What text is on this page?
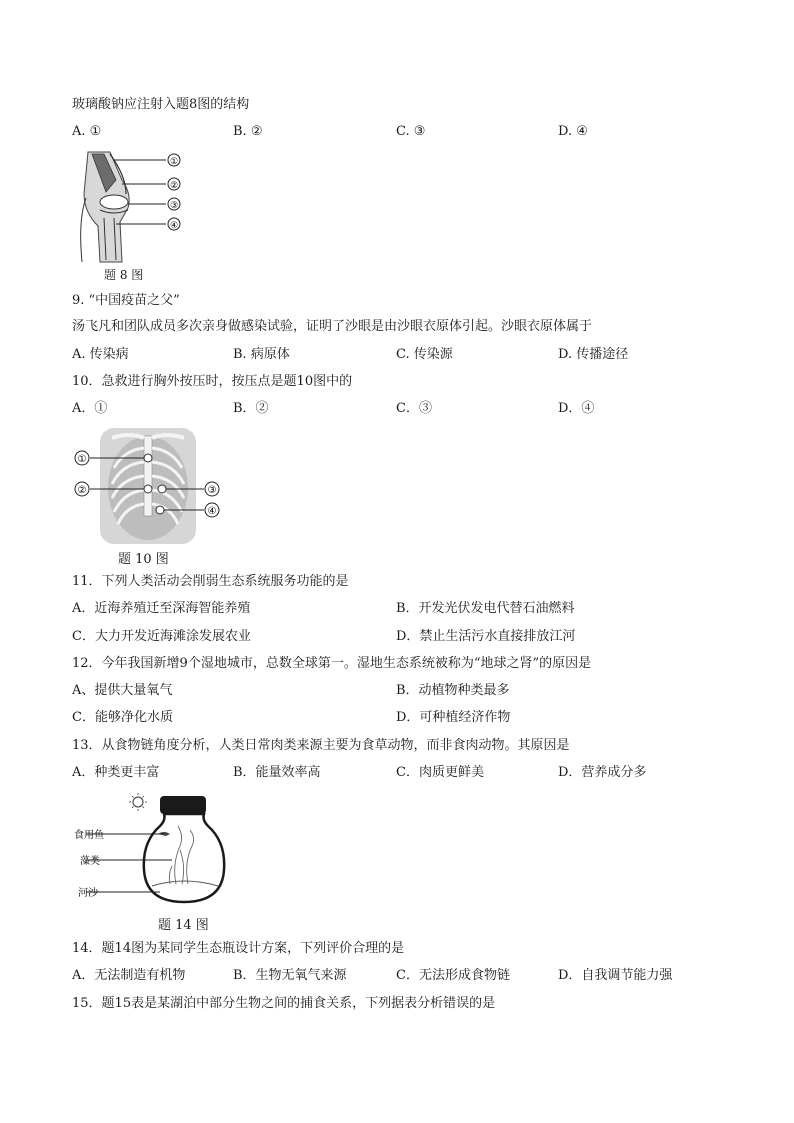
玻璃酸钠应注射入题8图的结构
A. ①	B. ②	C. ③	D. ④
①
②
③
④
题 8 图
9. “中国疫苗之父”
汤飞凡和团队成员多次亲身做感染试验，证明了沙眼是由沙眼衣原体引起。沙眼衣原体属于
A. 传染病	B. 病原体	C. 传染源	D. 传播途径
10．急救进行胸外按压时，按压点是题10图中的
A．①	B．②	C．③	D．④
①
②	③
④
题 10 图
11．下列人类活动会削弱生态系统服务功能的是
A．近海养殖迁至深海智能养殖	B．开发光伏发电代替石油燃料
C．大力开发近海滩涂发展农业	D．禁止生活污水直接排放江河
12．今年我国新增9个湿地城市，总数全球第一。湿地生态系统被称为“地球之肾”的原因是
A、提供大量氧气	B．动植物种类最多
C．能够净化水质	D．可种植经济作物
13．从食物链角度分析，人类日常肉类来源主要为食草动物，而非食肉动物。其原因是
A．种类更丰富	B．能量效率高	C．肉质更鲜美	D．营养成分多
食用鱼
藻类
河沙
题 14 图
14．题14图为某同学生态瓶设计方案，下列评价合理的是
A．无法制造有机物	B．生物无氧气来源	C．无法形成食物链	D．自我调节能力强
15．题15表是某湖泊中部分生物之间的捕食关系，下列据表分析错误的是
